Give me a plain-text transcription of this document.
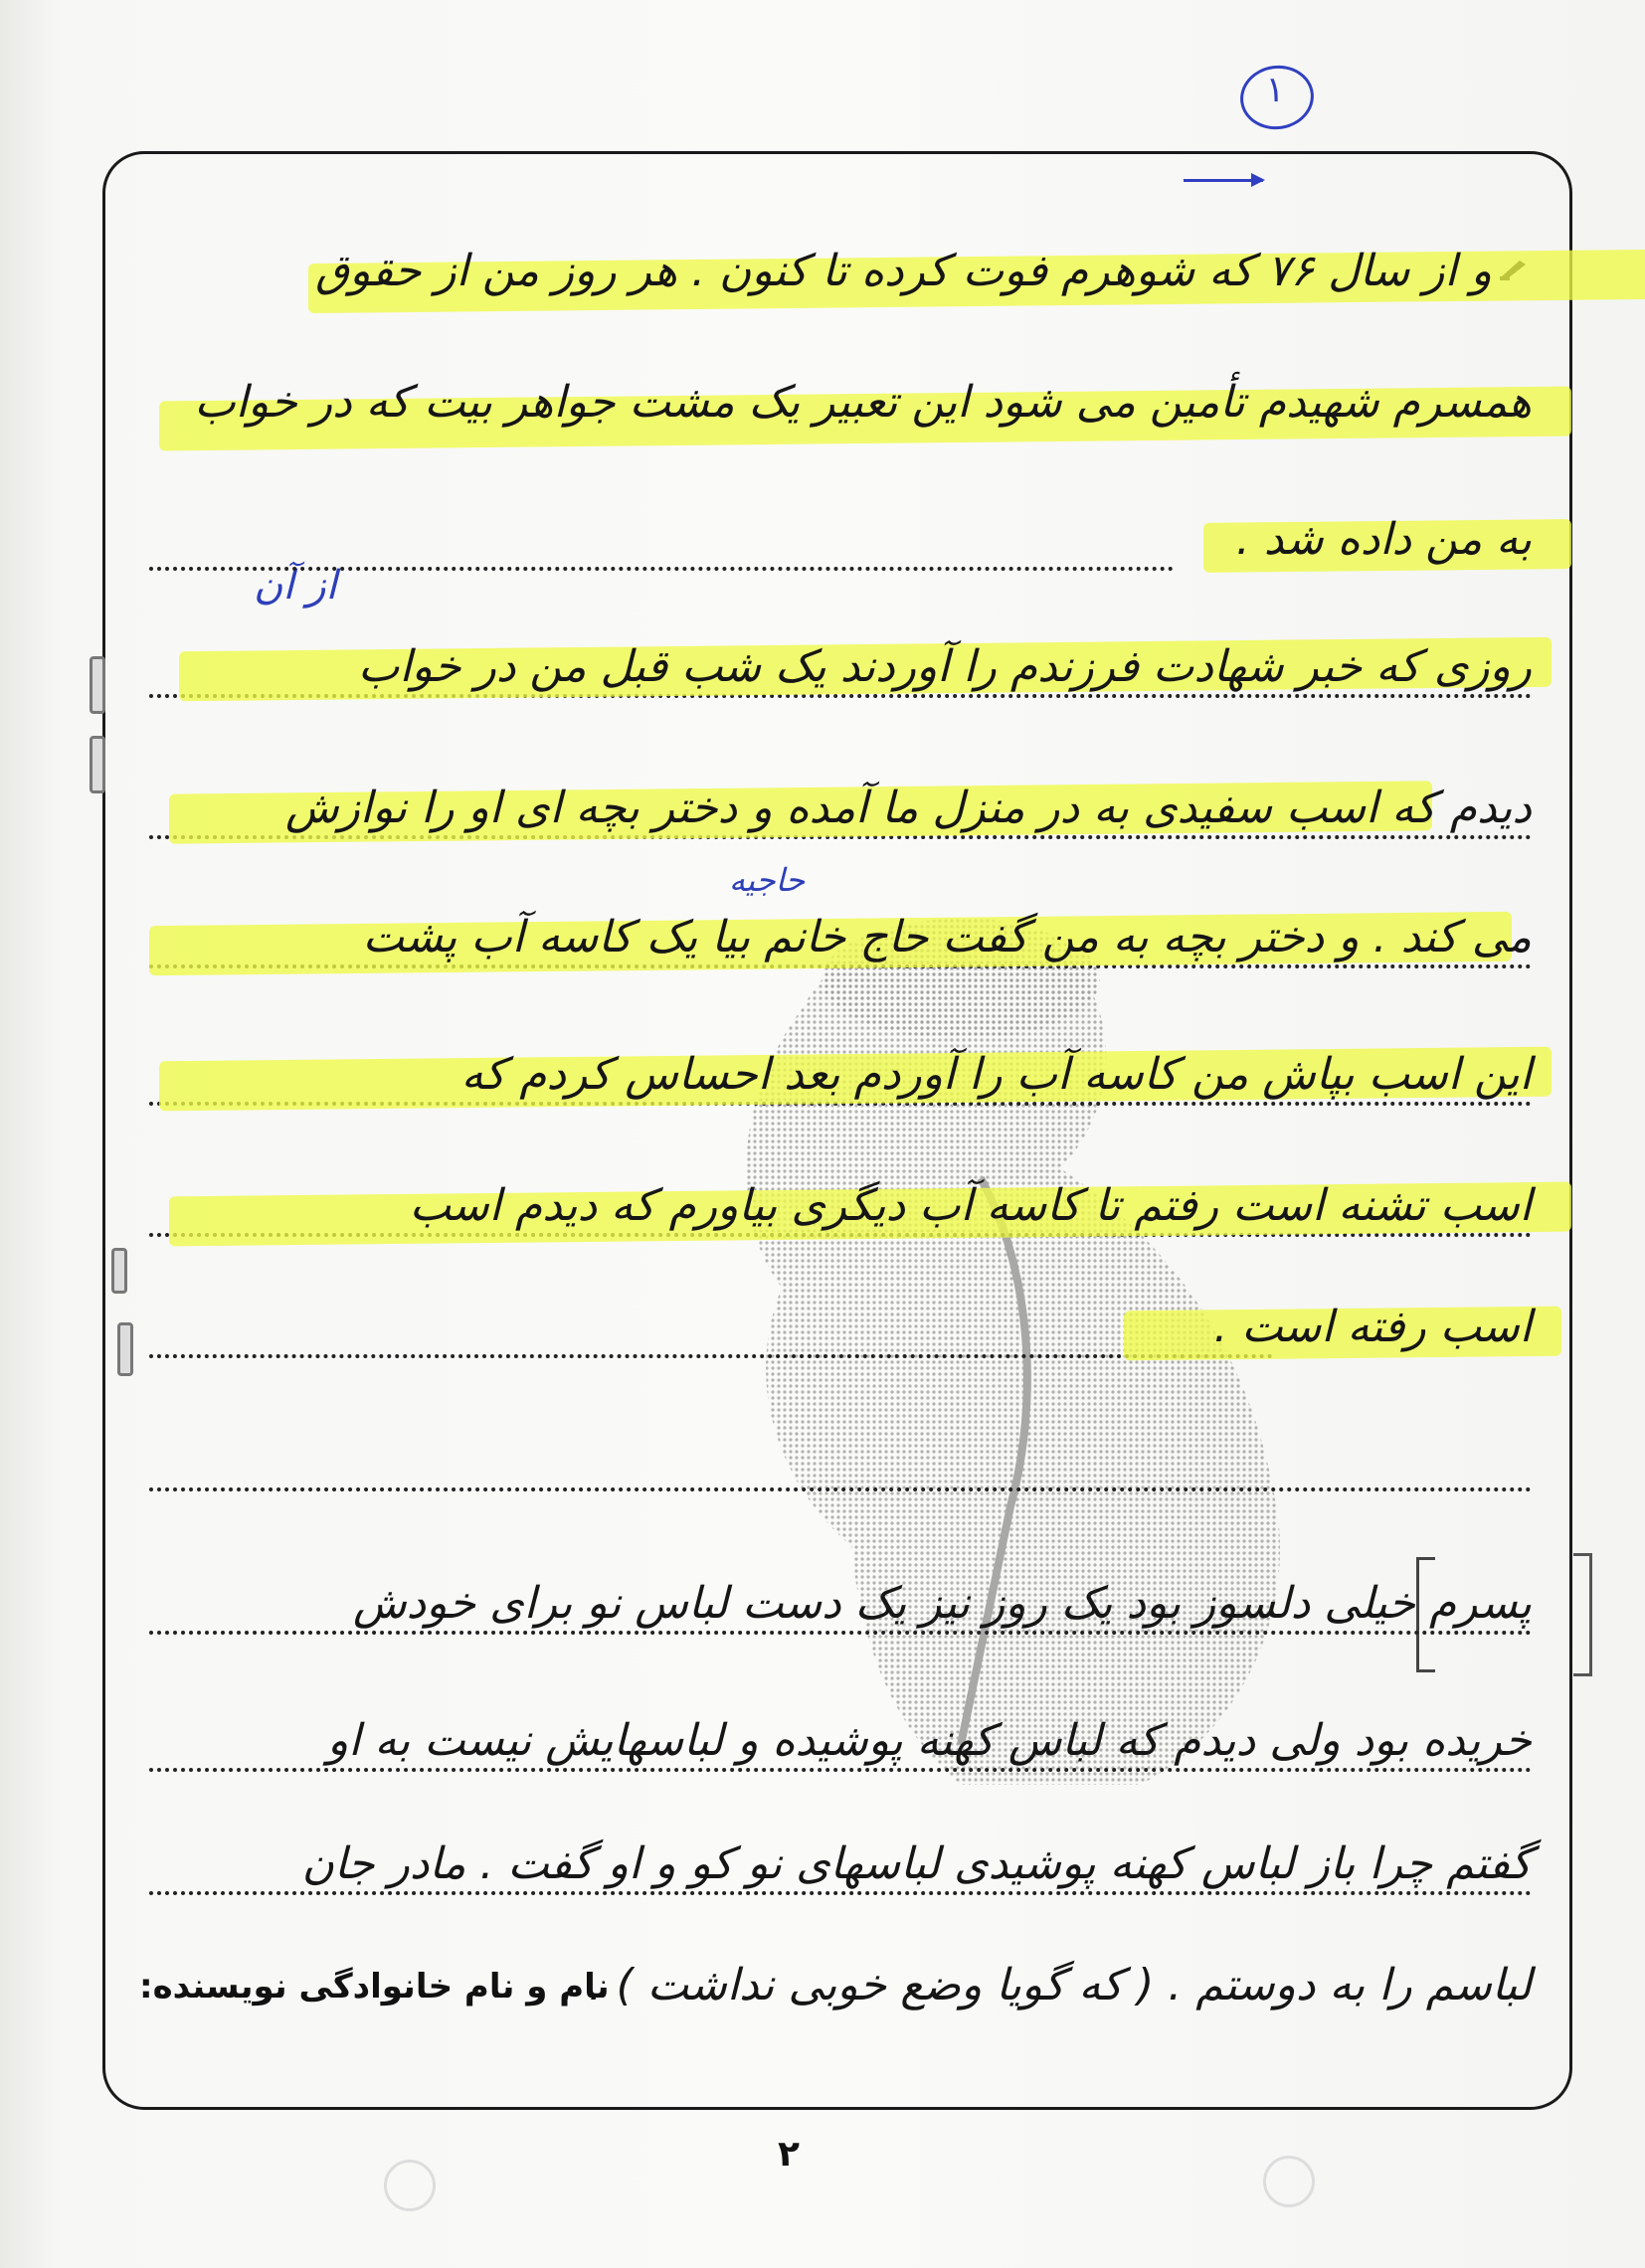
از آن
حاجیه
و از سال ۷۶ که شوهرم فوت کرده تا کنون . هر روز من از حقوق
همسرم شهیدم تأمین می شود این تعبیر یک مشت جواهر بیت که در خواب
به من داده شد .
روزی که خبر شهادت فرزندم را آوردند یک شب قبل من در خواب
دیدم که اسب سفیدی به در منزل ما آمده و دختر بچه ای او را نوازش
می کند . و دختر بچه به من گفت حاج خانم بیا یک کاسه آب پشت
این اسب بپاش من کاسه آب را آوردم بعد احساس کردم که
اسب تشنه است رفتم تا کاسه آب دیگری بیاورم که دیدم اسب
اسب رفته است .
پسرم خیلی دلسوز بود یک روز نیز یک دست لباس نو برای خودش
خریده بود ولی دیدم که لباس کهنه پوشیده و لباسهایش نیست به او
گفتم چرا باز لباس کهنه پوشیدی لباسهای نو کو و او گفت . مادر جان
لباسم را به دوستم . ( که گویا وضع خوبی نداشت ) . .
نام و نام خانوادگی نویسنده:
٢
١
